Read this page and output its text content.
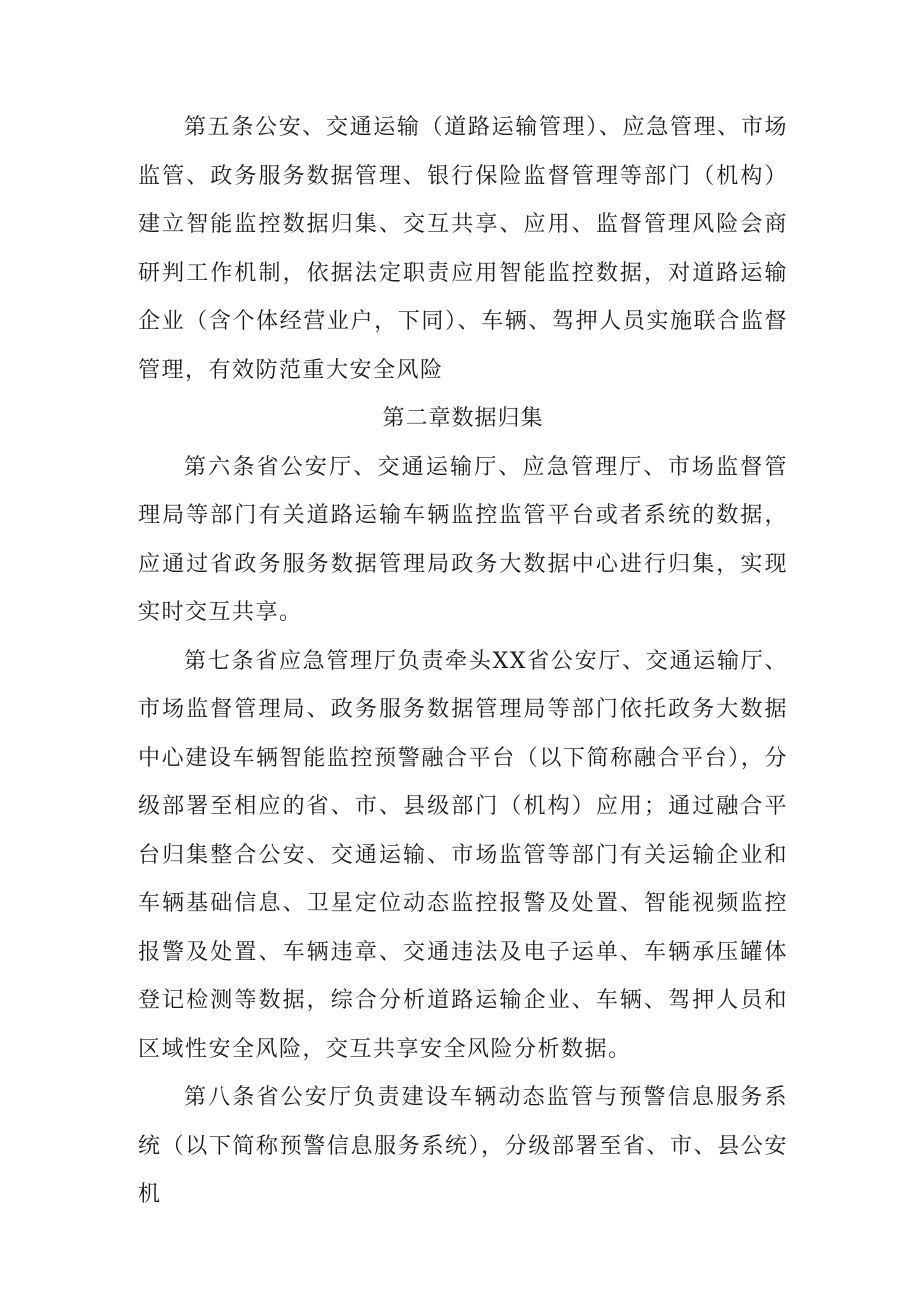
第五条公安、交通运输（道路运输管理）、应急管理、市场监管、政务服务数据管理、银行保险监督管理等部门（机构）建立智能监控数据归集、交互共享、应用、监督管理风险会商研判工作机制，依据法定职责应用智能监控数据，对道路运输企业（含个体经营业户，下同）、车辆、驾押人员实施联合监督管理，有效防范重大安全风险

第二章数据归集

第六条省公安厅、交通运输厅、应急管理厅、市场监督管理局等部门有关道路运输车辆监控监管平台或者系统的数据，应通过省政务服务数据管理局政务大数据中心进行归集，实现实时交互共享。

第七条省应急管理厅负责牵头XX省公安厅、交通运输厅、市场监督管理局、政务服务数据管理局等部门依托政务大数据中心建设车辆智能监控预警融合平台（以下简称融合平台），分级部署至相应的省、市、县级部门（机构）应用；通过融合平台归集整合公安、交通运输、市场监管等部门有关运输企业和车辆基础信息、卫星定位动态监控报警及处置、智能视频监控报警及处置、车辆违章、交通违法及电子运单、车辆承压罐体登记检测等数据，综合分析道路运输企业、车辆、驾押人员和区域性安全风险，交互共享安全风险分析数据。

第八条省公安厅负责建设车辆动态监管与预警信息服务系统（以下简称预警信息服务系统），分级部署至省、市、县公安机
